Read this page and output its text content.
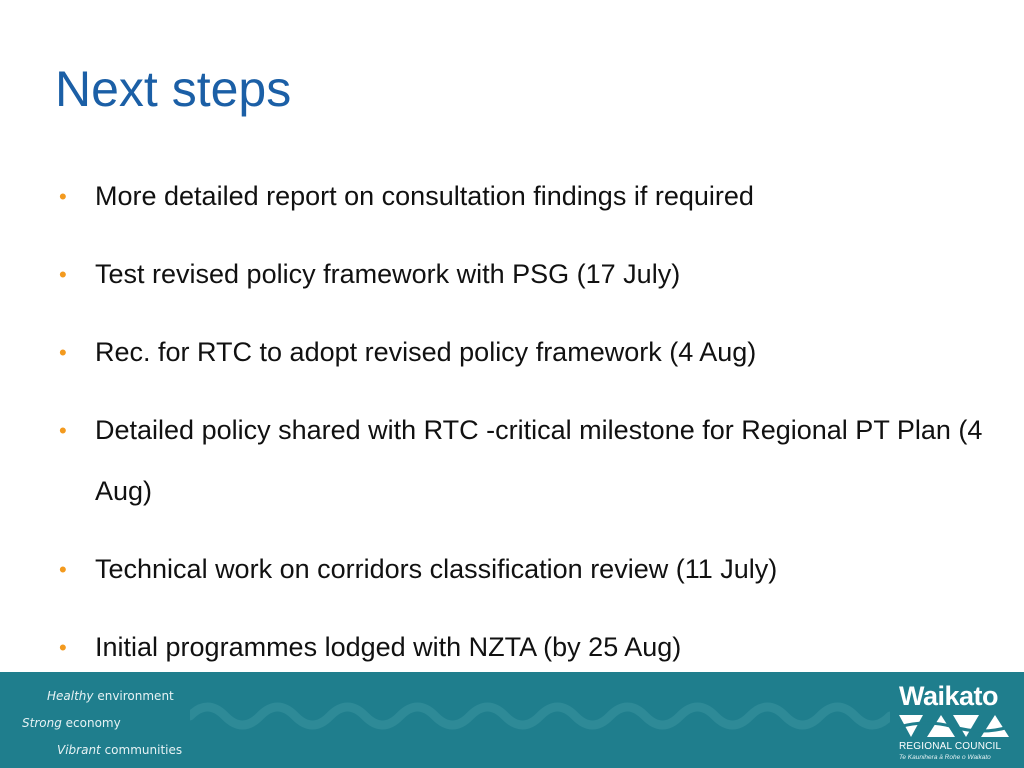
Next steps
• More detailed report on consultation findings if required
• Test revised policy framework with PSG (17 July)
• Rec. for RTC to adopt revised policy framework (4 Aug)
• Detailed policy shared with RTC -critical milestone for Regional PT Plan (4 Aug)
• Technical work on corridors classification review (11 July)
• Initial programmes lodged with NZTA (by 25 Aug)
Healthy environment
Strong economy
Vibrant communities
Waikato
REGIONAL COUNCIL
Te Kaunihera ā Rohe o Waikato
